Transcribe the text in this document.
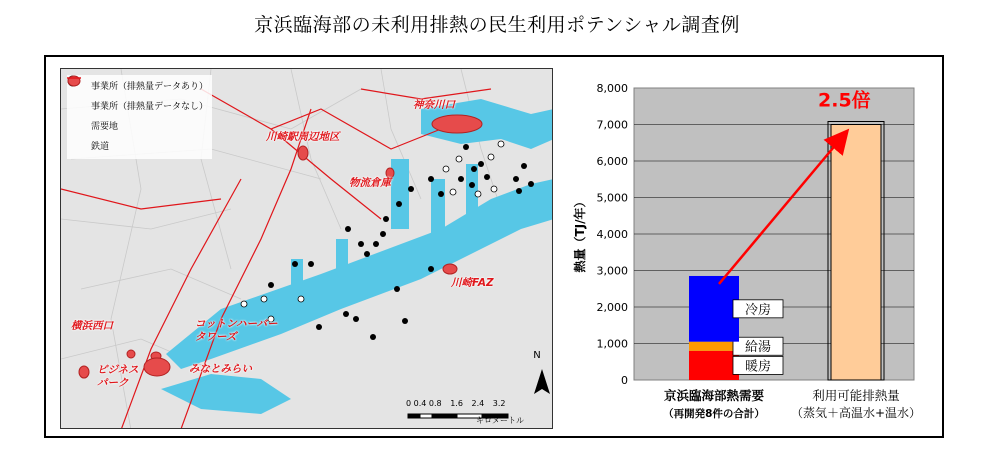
京浜臨海部の未利用排熱の民生利用ポテンシャル調査例
事業所（排熱量データあり）
事業所（排熱量データなし）
需要地
鉄道
神奈川口
川崎駅周辺地区
物流倉庫
川崎FAZ
横浜西口	コットンハーバー
タワーズ
みなとみらい
ビジネス
パーク
N
0 0.4 0.8 1.6 2.4 3.2
キロメートル
0
1,000
2,000
3,000
4,000
5,000
6,000
7,000
8,000
熱量（TJ/年）
暖房
給湯
冷房
2.5倍
京浜臨海部熱需要
（再開発8件の合計）
利用可能排熱量
（蒸気＋高温水+温水）
